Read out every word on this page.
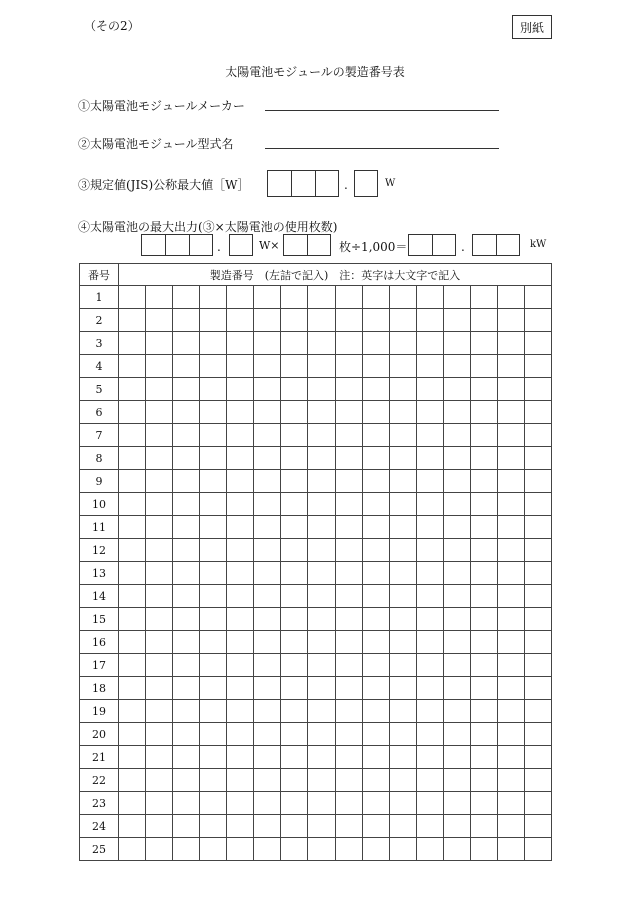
（その2）	別紙
太陽電池モジュールの製造番号表
①太陽電池モジュールメーカー
②太陽電池モジュール型式名
③規定値(JIS)公称最大値［W］	.	W
④太陽電池の最大出力(③×太陽電池の使用枚数)
.	W×	枚÷1,000＝	.	kW
番号	製造番号　(左詰で記入)　注：英字は大文字で記入															
1																
2																
3																
4																
5																
6																
7																
8																
9																
10																
11																
12																
13																
14																
15																
16																
17																
18																
19																
20																
21																
22																
23																
24																
25																
